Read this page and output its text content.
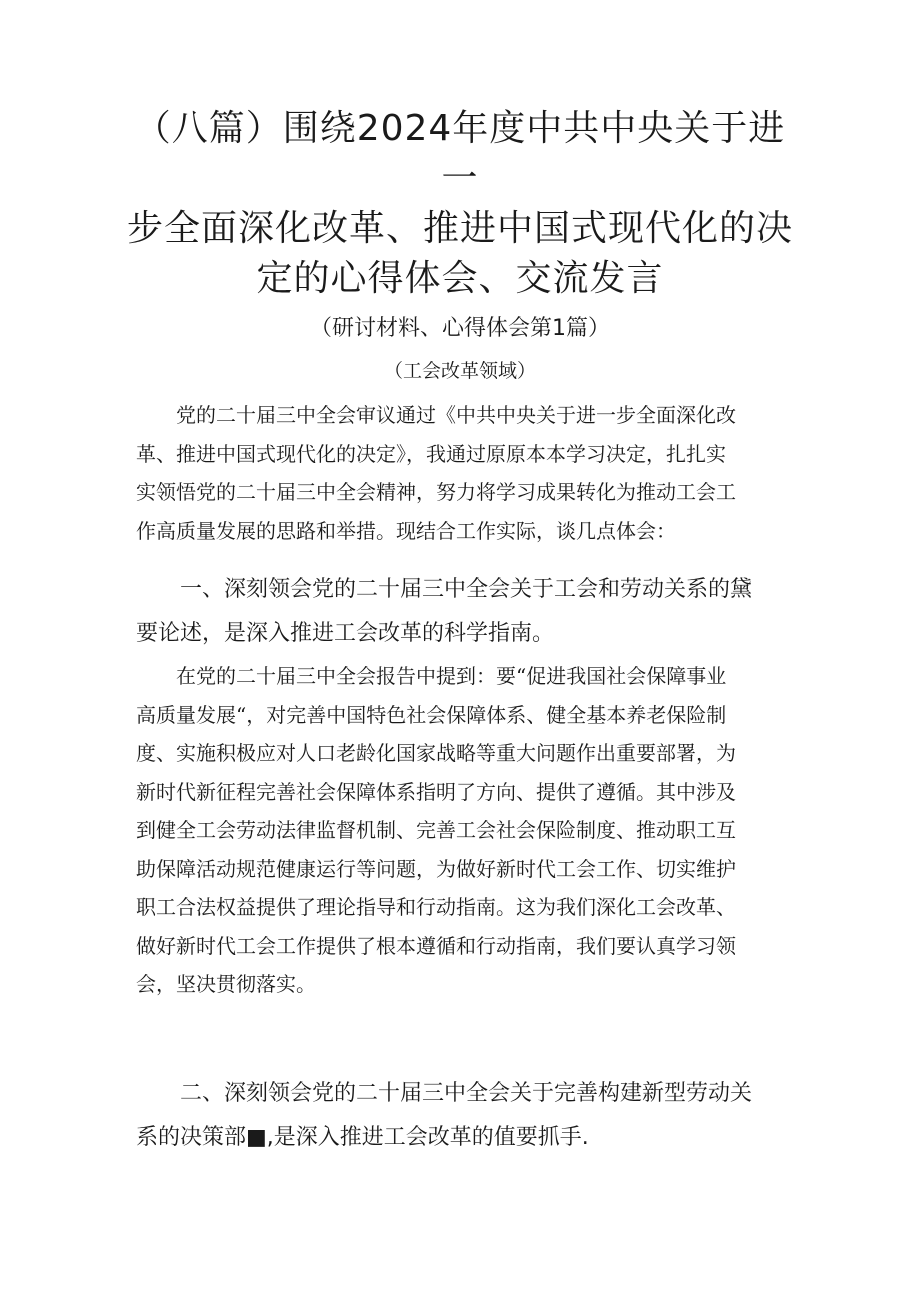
（八篇）围绕2024年度中共中央关于进一
步全面深化改革、推进中国式现代化的决
定的心得体会、交流发言
（研讨材料、心得体会第1篇）
（工会改革领域）
党的二十届三中全会审议通过《中共中央关于进一步全面深化改
革、推进中国式现代化的决定》，我通过原原本本学习决定，扎扎实
实领悟党的二十届三中全会精神，努力将学习成果转化为推动工会工
作高质量发展的思路和举措。现结合工作实际，谈几点体会：
一、深刻领会党的二十届三中全会关于工会和劳动关系的黛
要论述，是深入推进工会改革的科学指南。
在党的二十届三中全会报告中提到：要“促进我国社会保障事业
高质量发展“，对完善中国特色社会保障体系、健全基本养老保险制
度、实施积极应对人口老龄化国家战略等重大问题作出重要部署，为
新时代新征程完善社会保障体系指明了方向、提供了遵循。其中涉及
到健全工会劳动法律监督机制、完善工会社会保险制度、推动职工互
助保障活动规范健康运行等问题，为做好新时代工会工作、切实维护
职工合法权益提供了理论指导和行动指南。这为我们深化工会改革、
做好新时代工会工作提供了根本遵循和行动指南，我们要认真学习领
会，坚决贯彻落实。
二、深刻领会党的二十届三中全会关于完善构建新型劳动关
系的决策部■,是深入推进工会改革的值要抓手.
